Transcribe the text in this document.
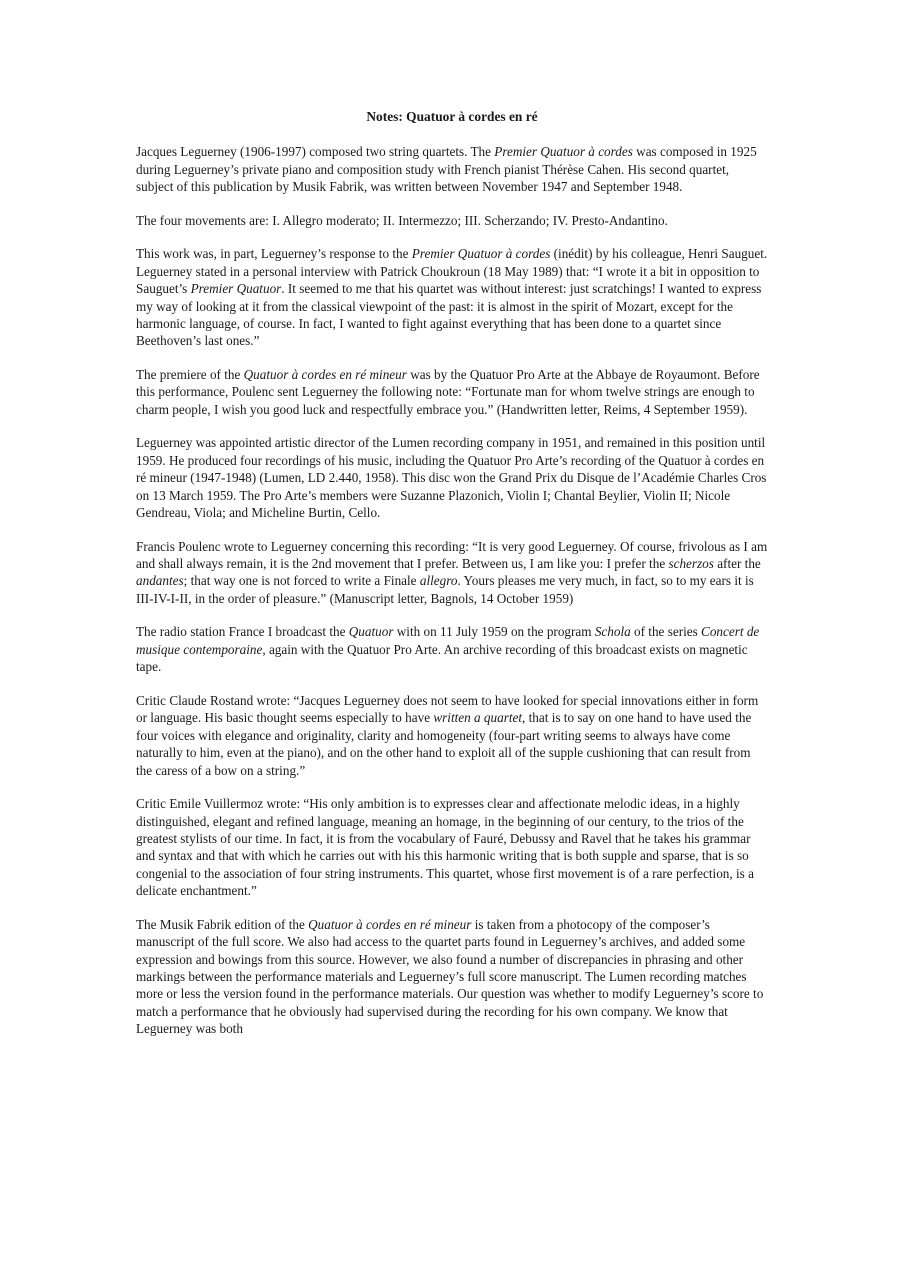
Notes: Quatuor à cordes en ré

Jacques Leguerney (1906-1997) composed two string quartets. The Premier Quatuor à cordes was composed in 1925 during Leguerney’s private piano and composition study with French pianist Thérèse Cahen. His second quartet, subject of this publication by Musik Fabrik, was written between November 1947 and September 1948.

The four movements are: I. Allegro moderato; II. Intermezzo; III. Scherzando; IV. Presto-Andantino.

This work was, in part, Leguerney’s response to the Premier Quatuor à cordes (inédit) by his colleague, Henri Sauguet. Leguerney stated in a personal interview with Patrick Choukroun (18 May 1989) that: “I wrote it a bit in opposition to Sauguet’s Premier Quatuor. It seemed to me that his quartet was without interest: just scratchings! I wanted to express my way of looking at it from the classical viewpoint of the past: it is almost in the spirit of Mozart, except for the harmonic language, of course. In fact, I wanted to fight against everything that has been done to a quartet since Beethoven’s last ones.”

The premiere of the Quatuor à cordes en ré mineur was by the Quatuor Pro Arte at the Abbaye de Royaumont. Before this performance, Poulenc sent Leguerney the following note: “Fortunate man for whom twelve strings are enough to charm people, I wish you good luck and respectfully embrace you.” (Handwritten letter, Reims, 4 September 1959).

Leguerney was appointed artistic director of the Lumen recording company in 1951, and remained in this position until 1959. He produced four recordings of his music, including the Quatuor Pro Arte’s recording of the Quatuor à cordes en ré mineur (1947-1948) (Lumen, LD 2.440, 1958). This disc won the Grand Prix du Disque de l’Académie Charles Cros on 13 March 1959. The Pro Arte’s members were Suzanne Plazonich, Violin I; Chantal Beylier, Violin II; Nicole Gendreau, Viola; and Micheline Burtin, Cello.

Francis Poulenc wrote to Leguerney concerning this recording: “It is very good Leguerney. Of course, frivolous as I am and shall always remain, it is the 2nd movement that I prefer. Between us, I am like you: I prefer the scherzos after the andantes; that way one is not forced to write a Finale allegro. Yours pleases me very much, in fact, so to my ears it is III-IV-I-II, in the order of pleasure.” (Manuscript letter, Bagnols, 14 October 1959)

The radio station France I broadcast the Quatuor with on 11 July 1959 on the program Schola of the series Concert de musique contemporaine, again with the Quatuor Pro Arte. An archive recording of this broadcast exists on magnetic tape.

Critic Claude Rostand wrote: “Jacques Leguerney does not seem to have looked for special innovations either in form or language. His basic thought seems especially to have written a quartet, that is to say on one hand to have used the four voices with elegance and originality, clarity and homogeneity (four-part writing seems to always have come naturally to him, even at the piano), and on the other hand to exploit all of the supple cushioning that can result from the caress of a bow on a string.”

Critic Emile Vuillermoz wrote: “His only ambition is to expresses clear and affectionate melodic ideas, in a highly distinguished, elegant and refined language, meaning an homage, in the beginning of our century, to the trios of the greatest stylists of our time. In fact, it is from the vocabulary of Fauré, Debussy and Ravel that he takes his grammar and syntax and that with which he carries out with his this harmonic writing that is both supple and sparse, that is so congenial to the association of four string instruments. This quartet, whose first movement is of a rare perfection, is a delicate enchantment.”

The Musik Fabrik edition of the Quatuor à cordes en ré mineur is taken from a photocopy of the composer’s manuscript of the full score. We also had access to the quartet parts found in Leguerney’s archives, and added some expression and bowings from this source. However, we also found a number of discrepancies in phrasing and other markings between the performance materials and Leguerney’s full score manuscript. The Lumen recording matches more or less the version found in the performance materials. Our question was whether to modify Leguerney’s score to match a performance that he obviously had supervised during the recording for his own company. We know that Leguerney was both
